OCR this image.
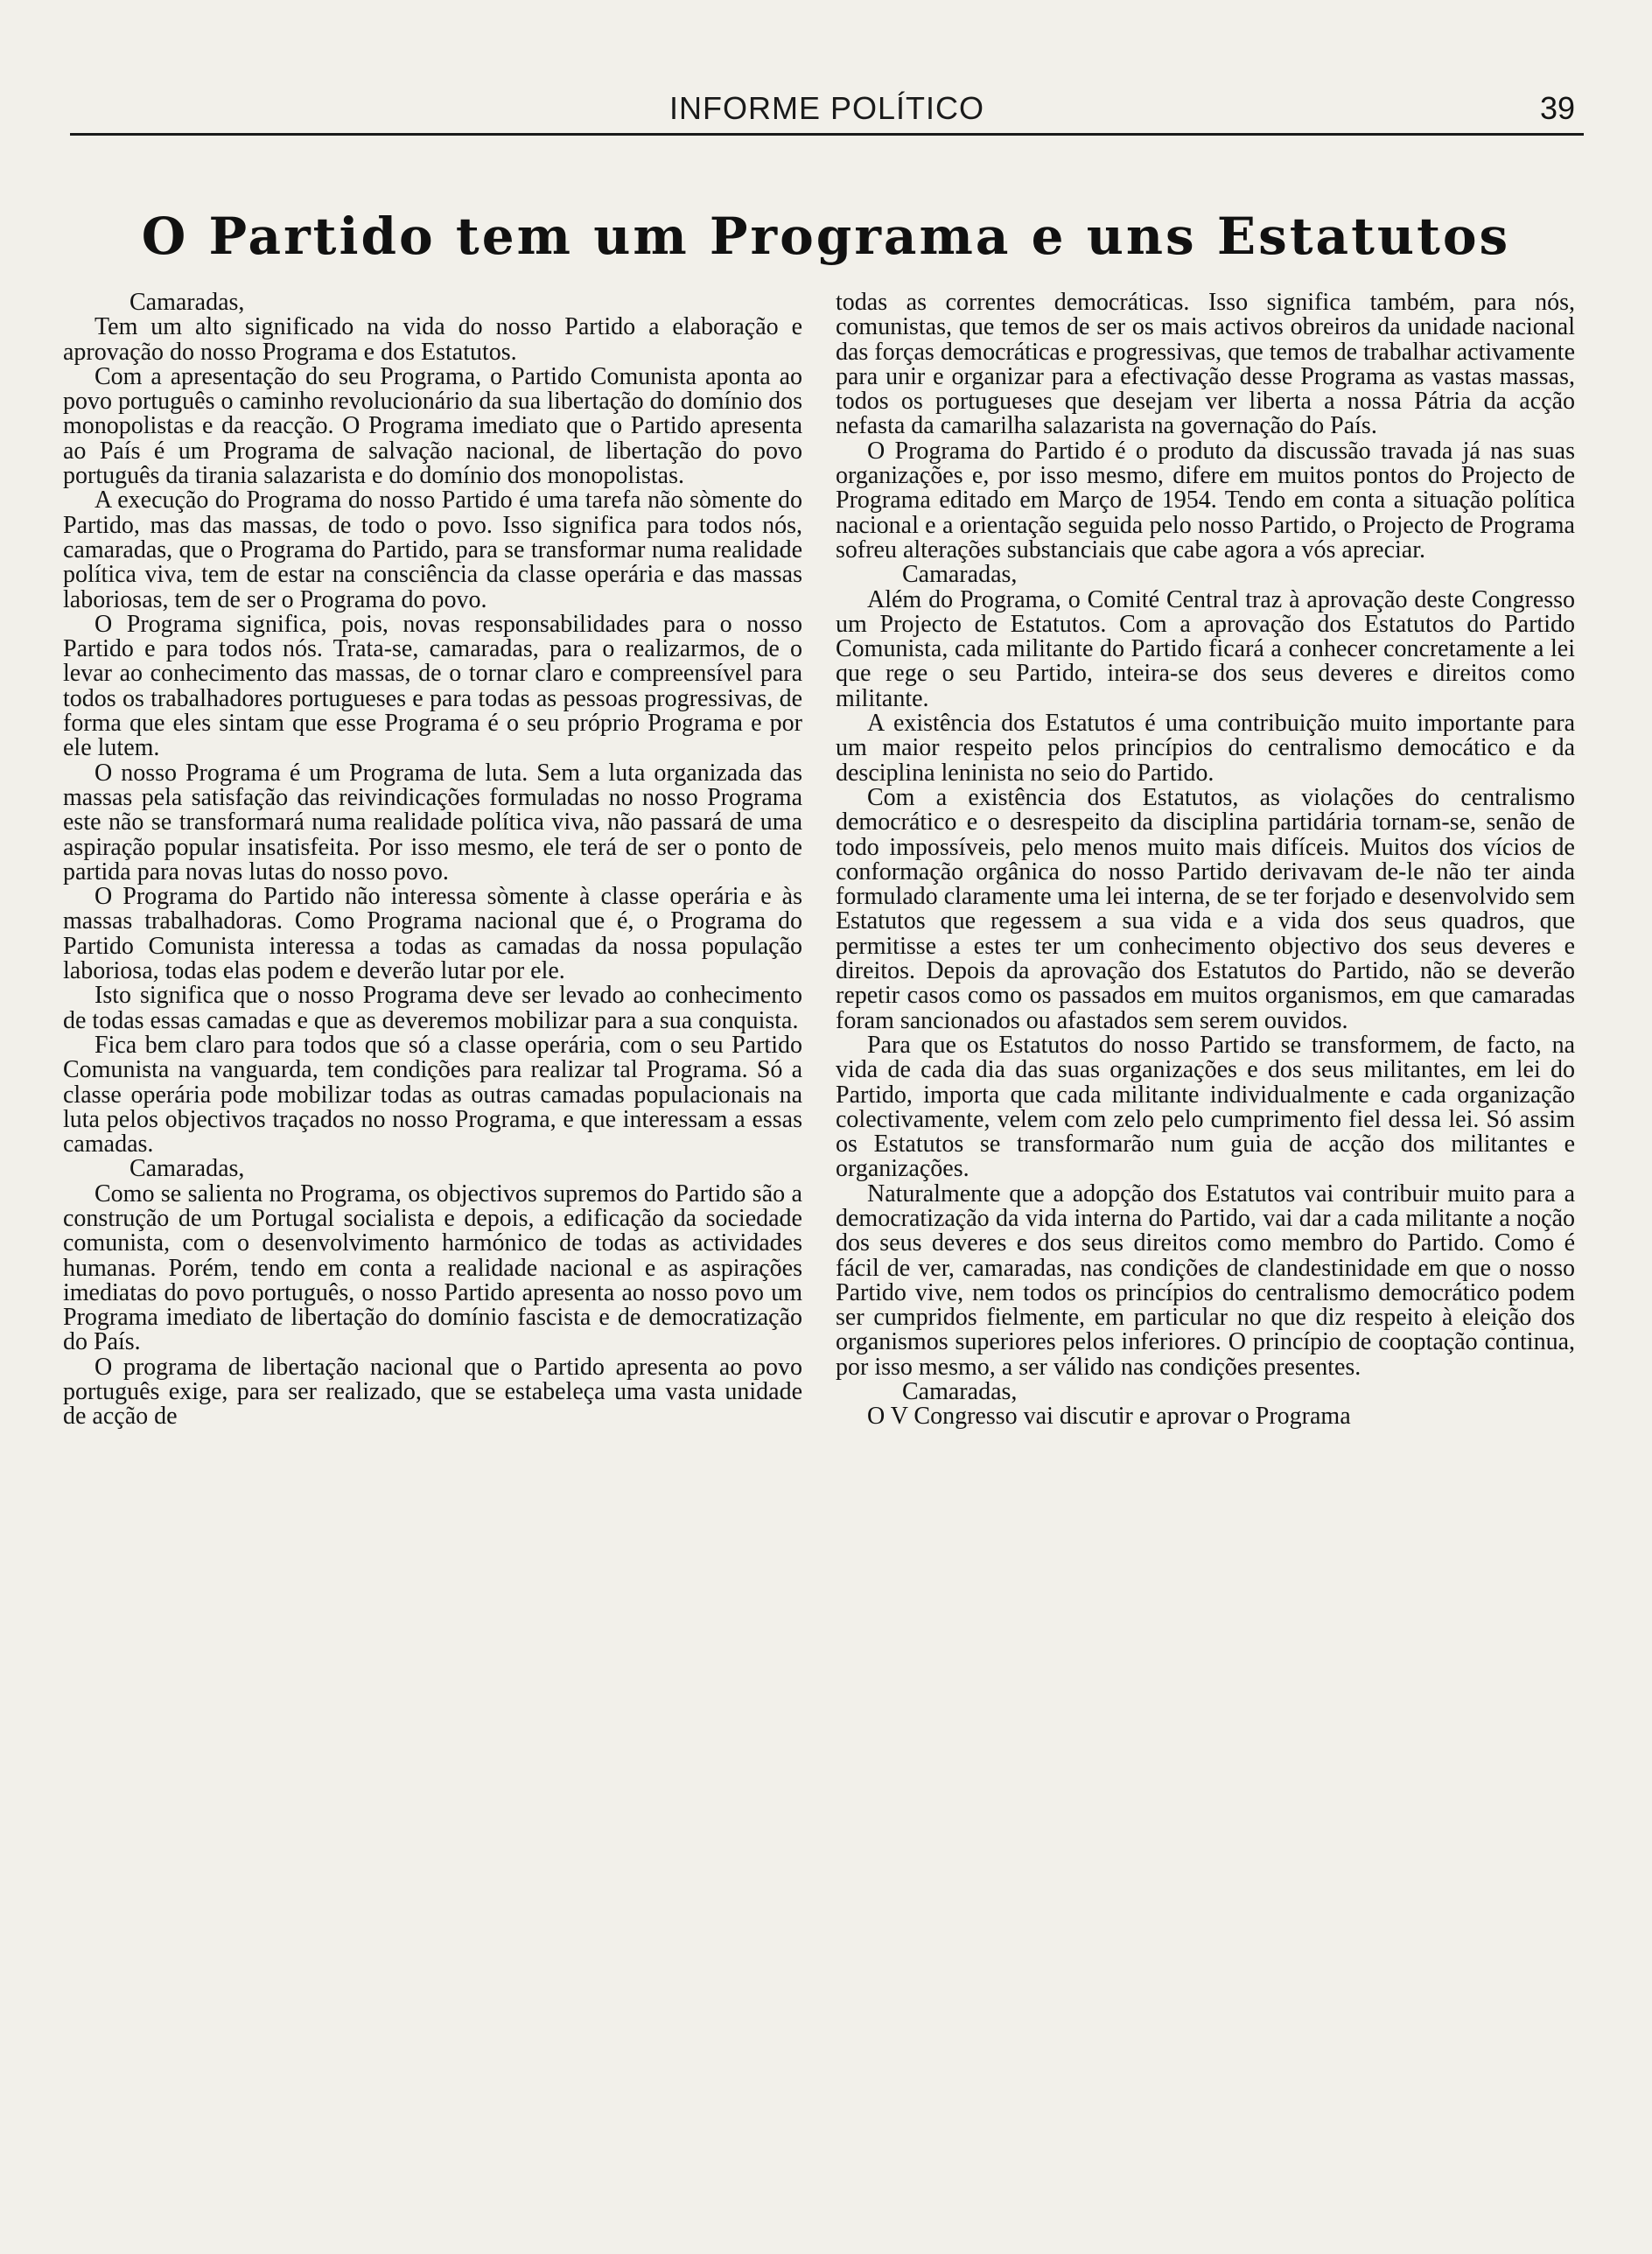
INFORME POLÍTICO	39
O Partido tem um Programa e uns Estatutos

Camaradas,

Tem um alto significado na vida do nosso Partido a elaboração e aprovação do nosso Programa e dos Estatutos.

Com a apresentação do seu Programa, o Partido Comunista aponta ao povo português o caminho revolucionário da sua libertação do domínio dos monopolistas e da reacção. O Programa imediato que o Partido apresenta ao País é um Programa de salvação nacional, de libertação do povo português da tirania salazarista e do domínio dos monopolistas.

A execução do Programa do nosso Partido é uma tarefa não sòmente do Partido, mas das massas, de todo o povo. Isso significa para todos nós, camaradas, que o Programa do Partido, para se transformar numa realidade política viva, tem de estar na consciência da classe operária e das massas laboriosas, tem de ser o Programa do povo.

O Programa significa, pois, novas responsabilidades para o nosso Partido e para todos nós. Trata-se, camaradas, para o realizarmos, de o levar ao conhecimento das massas, de o tornar claro e compreensível para todos os trabalhadores portugueses e para todas as pessoas progressivas, de forma que eles sintam que esse Programa é o seu próprio Programa e por ele lutem.

O nosso Programa é um Programa de luta. Sem a luta organizada das massas pela satisfação das reivindicações formuladas no nosso Programa este não se transformará numa realidade política viva, não passará de uma aspiração popular insatisfeita. Por isso mesmo, ele terá de ser o ponto de partida para novas lutas do nosso povo.

O Programa do Partido não interessa sòmente à classe operária e às massas trabalhadoras. Como Programa nacional que é, o Programa do Partido Comunista interessa a todas as camadas da nossa população laboriosa, todas elas podem e deverão lutar por ele.

Isto significa que o nosso Programa deve ser levado ao conhecimento de todas essas camadas e que as deveremos mobilizar para a sua conquista.

Fica bem claro para todos que só a classe operária, com o seu Partido Comunista na vanguarda, tem condições para realizar tal Programa. Só a classe operária pode mobilizar todas as outras camadas populacionais na luta pelos objectivos traçados no nosso Programa, e que interessam a essas camadas.

Camaradas,

Como se salienta no Programa, os objectivos supremos do Partido são a construção de um Portugal socialista e depois, a edificação da sociedade comunista, com o desenvolvimento harmónico de todas as actividades humanas. Porém, tendo em conta a realidade nacional e as aspirações imediatas do povo português, o nosso Partido apresenta ao nosso povo um Programa imediato de libertação do domínio fascista e de democratização do País.

O programa de libertação nacional que o Partido apresenta ao povo português exige, para ser realizado, que se estabeleça uma vasta unidade de acção de

todas as correntes democráticas. Isso significa também, para nós, comunistas, que temos de ser os mais activos obreiros da unidade nacional das forças democráticas e progressivas, que temos de trabalhar activamente para unir e organizar para a efectivação desse Programa as vastas massas, todos os portugueses que desejam ver liberta a nossa Pátria da acção nefasta da camarilha salazarista na governação do País.

O Programa do Partido é o produto da discussão travada já nas suas organizações e, por isso mesmo, difere em muitos pontos do Projecto de Programa editado em Março de 1954. Tendo em conta a situação política nacional e a orientação seguida pelo nosso Partido, o Projecto de Programa sofreu alterações substanciais que cabe agora a vós apreciar.

Camaradas,

Além do Programa, o Comité Central traz à aprovação deste Congresso um Projecto de Estatutos. Com a aprovação dos Estatutos do Partido Comunista, cada militante do Partido ficará a conhecer concretamente a lei que rege o seu Partido, inteira-se dos seus deveres e direitos como militante.

A existência dos Estatutos é uma contribuição muito importante para um maior respeito pelos princípios do centralismo democático e da desciplina leninista no seio do Partido.

Com a existência dos Estatutos, as violações do centralismo democrático e o desrespeito da disciplina partidária tornam-se, senão de todo impossíveis, pelo menos muito mais difíceis. Muitos dos vícios de conformação orgânica do nosso Partido derivavam de-le não ter ainda formulado claramente uma lei interna, de se ter forjado e desenvolvido sem Estatutos que regessem a sua vida e a vida dos seus quadros, que permitisse a estes ter um conhecimento objectivo dos seus deveres e direitos. Depois da aprovação dos Estatutos do Partido, não se deverão repetir casos como os passados em muitos organismos, em que camaradas foram sancionados ou afastados sem serem ouvidos.

Para que os Estatutos do nosso Partido se transformem, de facto, na vida de cada dia das suas organizações e dos seus militantes, em lei do Partido, importa que cada militante individualmente e cada organização colectivamente, velem com zelo pelo cumprimento fiel dessa lei. Só assim os Estatutos se transformarão num guia de acção dos militantes e organizações.

Naturalmente que a adopção dos Estatutos vai contribuir muito para a democratização da vida interna do Partido, vai dar a cada militante a noção dos seus deveres e dos seus direitos como membro do Partido. Como é fácil de ver, camaradas, nas condições de clandestinidade em que o nosso Partido vive, nem todos os princípios do centralismo democrático podem ser cumpridos fielmente, em particular no que diz respeito à eleição dos organismos superiores pelos inferiores. O princípio de cooptação continua, por isso mesmo, a ser válido nas condições presentes.

Camaradas,

O V Congresso vai discutir e aprovar o Programa
